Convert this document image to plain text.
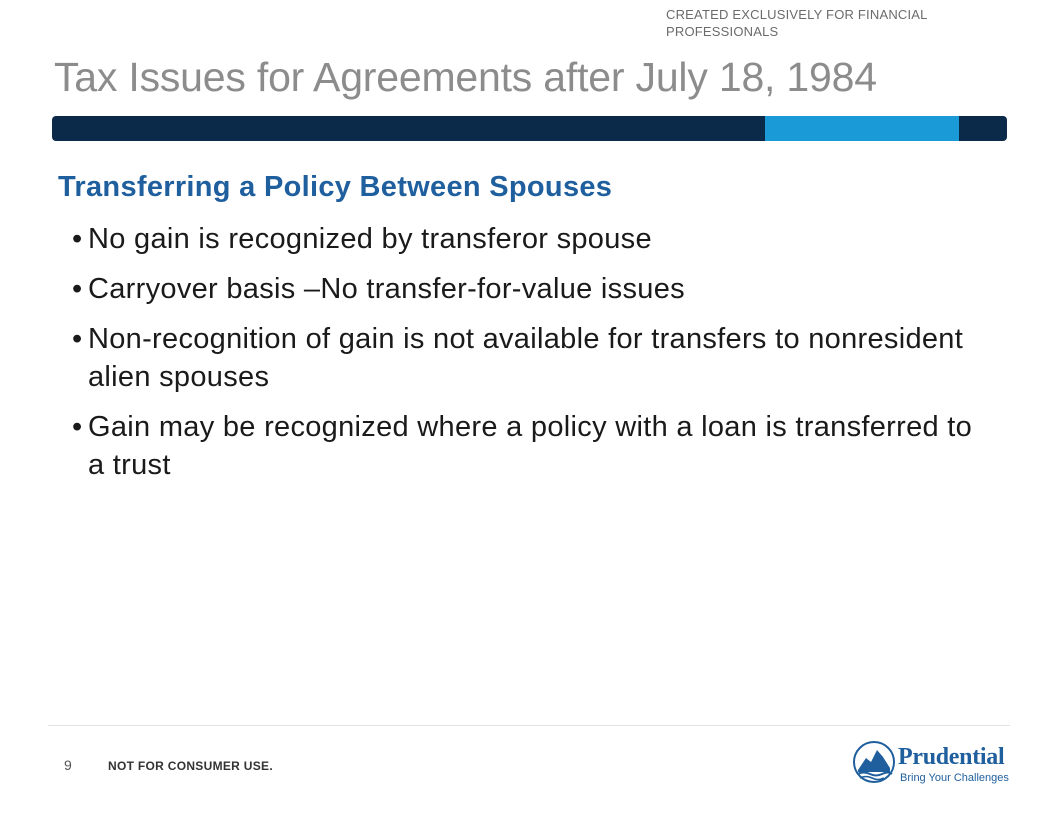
CREATED EXCLUSIVELY FOR FINANCIAL PROFESSIONALS
Tax Issues for Agreements after July 18, 1984
Transferring a Policy Between Spouses
• No gain is recognized by transferor spouse
• Carryover basis –No transfer-for-value issues
• Non-recognition of gain is not available for transfers to nonresident alien spouses
• Gain may be recognized where a policy with a loan is transferred to a trust
9	NOT FOR CONSUMER USE.	Prudential
Bring Your Challenges
